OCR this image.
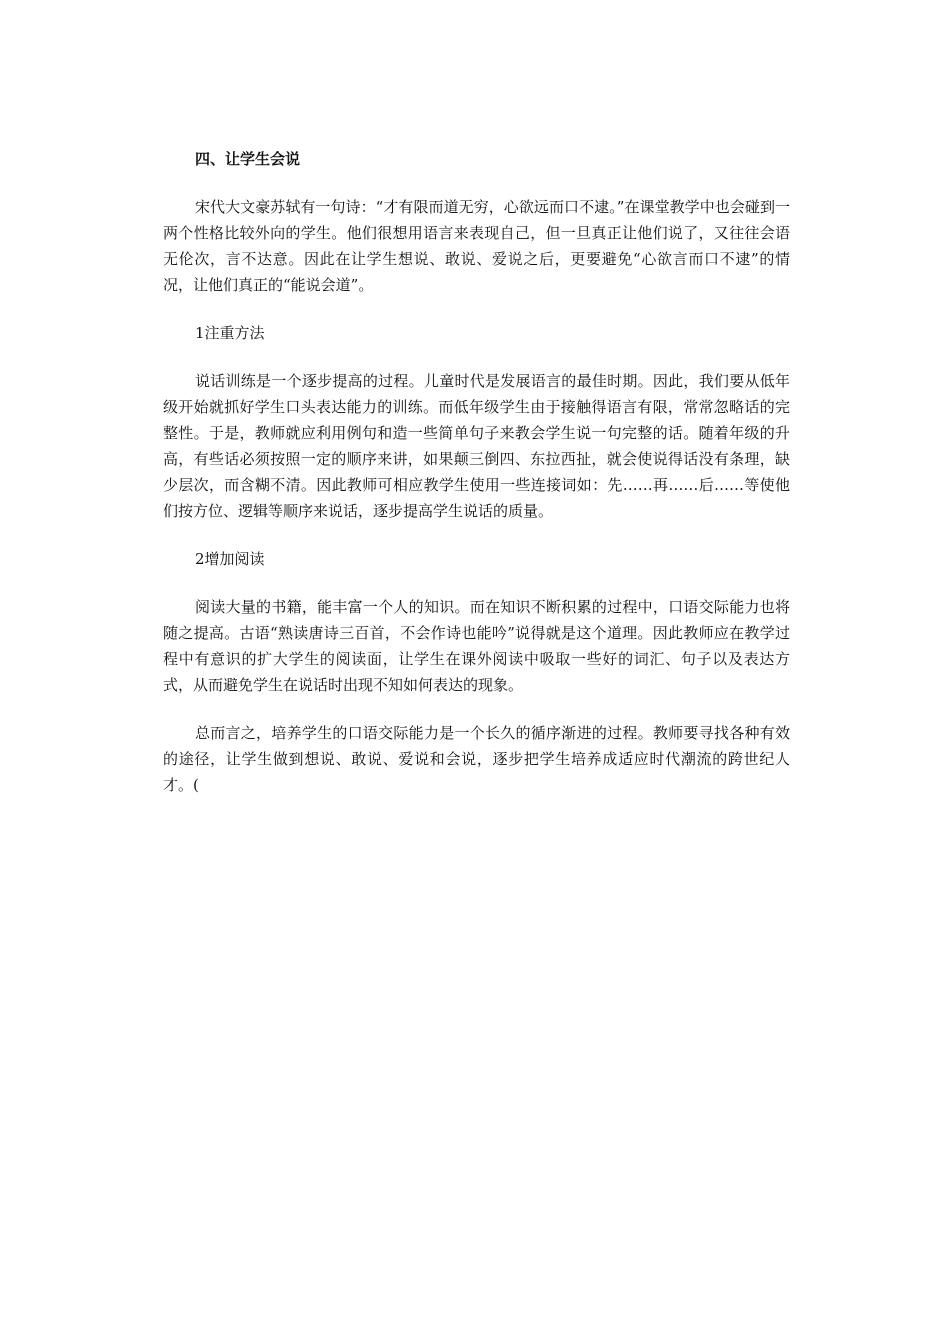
四、让学生会说

宋代大文豪苏轼有一句诗：“才有限而道无穷，心欲远而口不逮。”在课堂教学中也会碰到一两个性格比较外向的学生。他们很想用语言来表现自己，但一旦真正让他们说了，又往往会语无伦次，言不达意。因此在让学生想说、敢说、爱说之后，更要避免“心欲言而口不逮”的情况，让他们真正的“能说会道”。

1注重方法

说话训练是一个逐步提高的过程。儿童时代是发展语言的最佳时期。因此，我们要从低年级开始就抓好学生口头表达能力的训练。而低年级学生由于接触得语言有限，常常忽略话的完整性。于是，教师就应利用例句和造一些简单句子来教会学生说一句完整的话。随着年级的升高，有些话必须按照一定的顺序来讲，如果颠三倒四、东拉西扯，就会使说得话没有条理，缺少层次，而含糊不清。因此教师可相应教学生使用一些连接词如：先……再……后……等使他们按方位、逻辑等顺序来说话，逐步提高学生说话的质量。

2增加阅读

阅读大量的书籍，能丰富一个人的知识。而在知识不断积累的过程中，口语交际能力也将随之提高。古语“熟读唐诗三百首，不会作诗也能吟”说得就是这个道理。因此教师应在教学过程中有意识的扩大学生的阅读面，让学生在课外阅读中吸取一些好的词汇、句子以及表达方式，从而避免学生在说话时出现不知如何表达的现象。

总而言之，培养学生的口语交际能力是一个长久的循序渐进的过程。教师要寻找各种有效的途径，让学生做到想说、敢说、爱说和会说，逐步把学生培养成适应时代潮流的跨世纪人才。(
